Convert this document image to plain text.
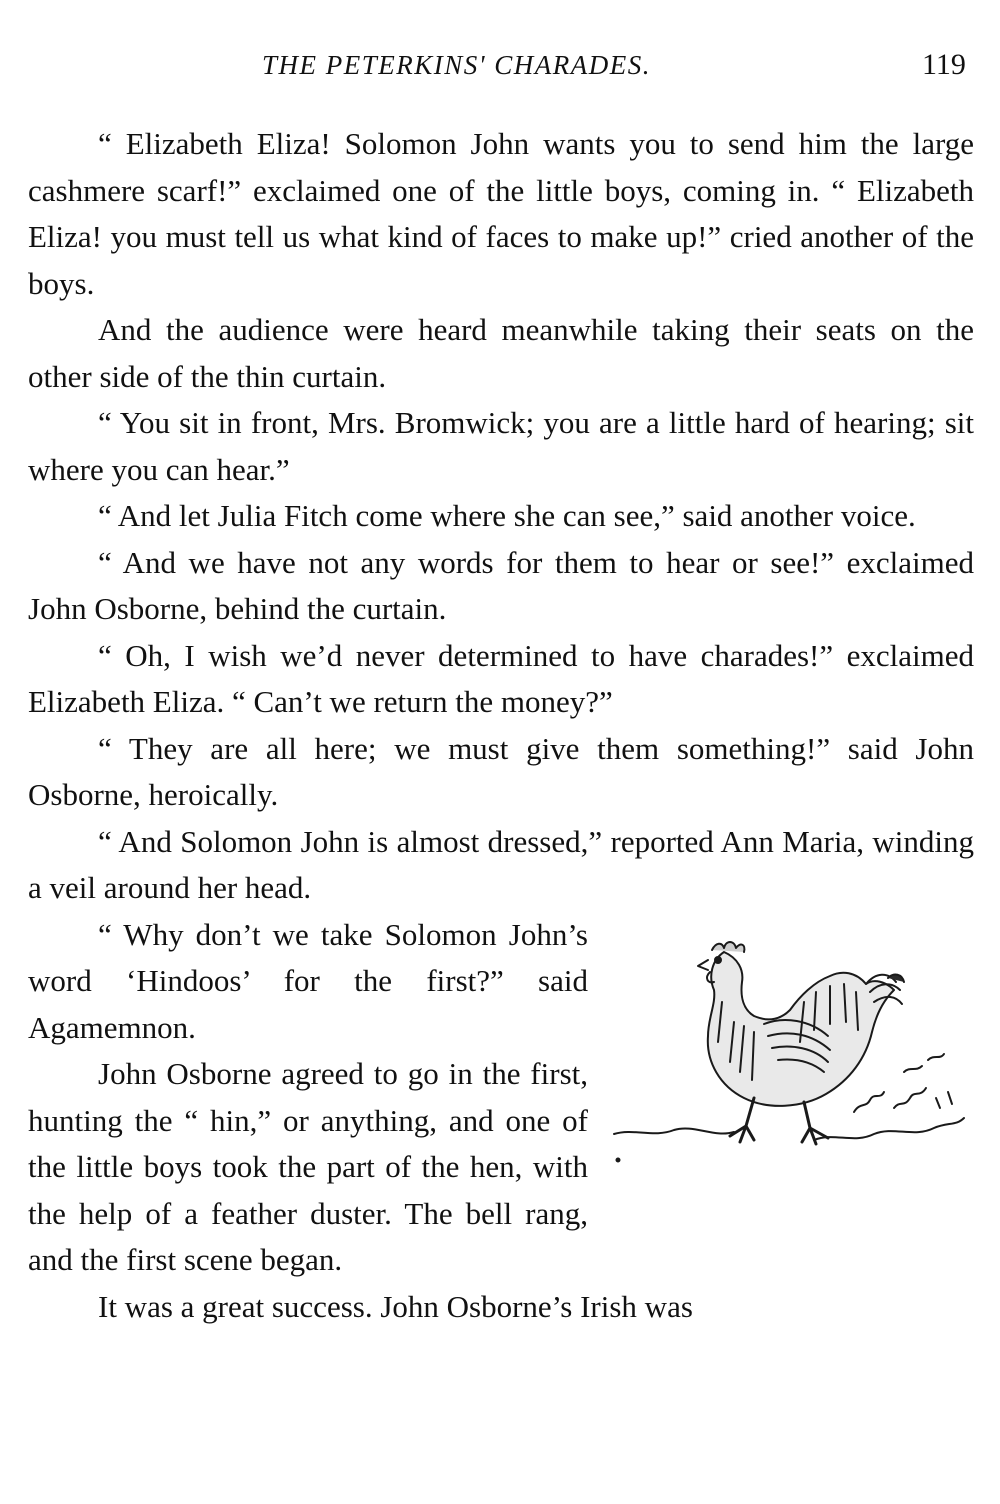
THE PETERKINS' CHARADES.	119

“ Elizabeth Eliza! Solomon John wants you to send him the large cashmere scarf!” exclaimed one of the little boys, coming in. “ Elizabeth Eliza! you must tell us what kind of faces to make up!” cried another of the boys.

And the audience were heard meanwhile taking their seats on the other side of the thin curtain.

“ You sit in front, Mrs. Bromwick; you are a little hard of hearing; sit where you can hear.”

“ And let Julia Fitch come where she can see,” said another voice.

“ And we have not any words for them to hear or see!” exclaimed John Osborne, behind the curtain.

“ Oh, I wish we’d never determined to have charades!” exclaimed Elizabeth Eliza. “ Can’t we return the money?”

“ They are all here; we must give them something!” said John Osborne, heroically.

“ And Solomon John is almost dressed,” reported Ann Maria, winding a veil around her head.

“ Why don’t we take Solomon John’s word ‘Hindoos’ for the first?” said Agamemnon.

John Osborne agreed to go in the first, hunting the “ hin,” or anything, and one of the little boys took the part of the hen, with the help of a feather duster. The bell rang, and the first scene began.

It was a great success. John Osborne’s Irish was
